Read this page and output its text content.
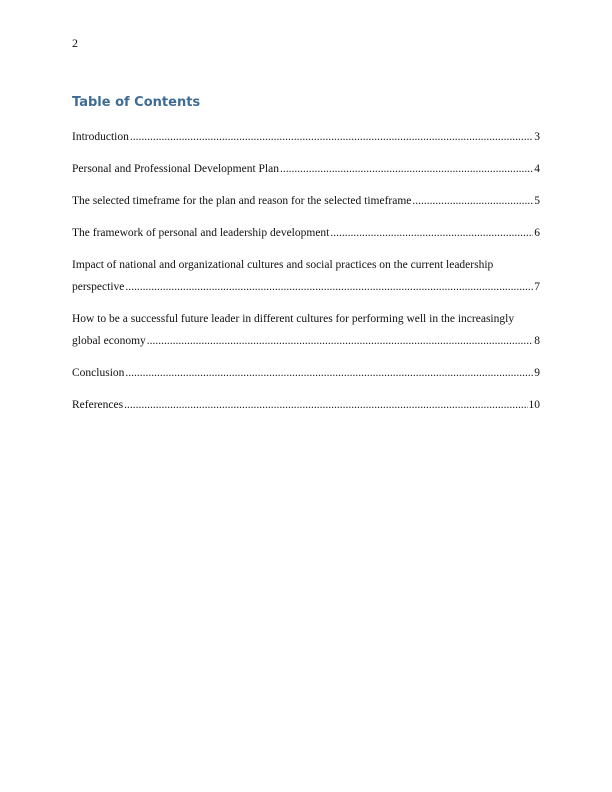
2
Table of Contents
Introduction .....	3
Personal and Professional Development Plan .....	4
The selected timeframe for the plan and reason for the selected timeframe .....	5
The framework of personal and leadership development .....	6
Impact of national and organizational cultures and social practices on the current leadership
perspective .....	7
How to be a successful future leader in different cultures for performing well in the increasingly
global economy .....	8
Conclusion .....	9
References .....	10
